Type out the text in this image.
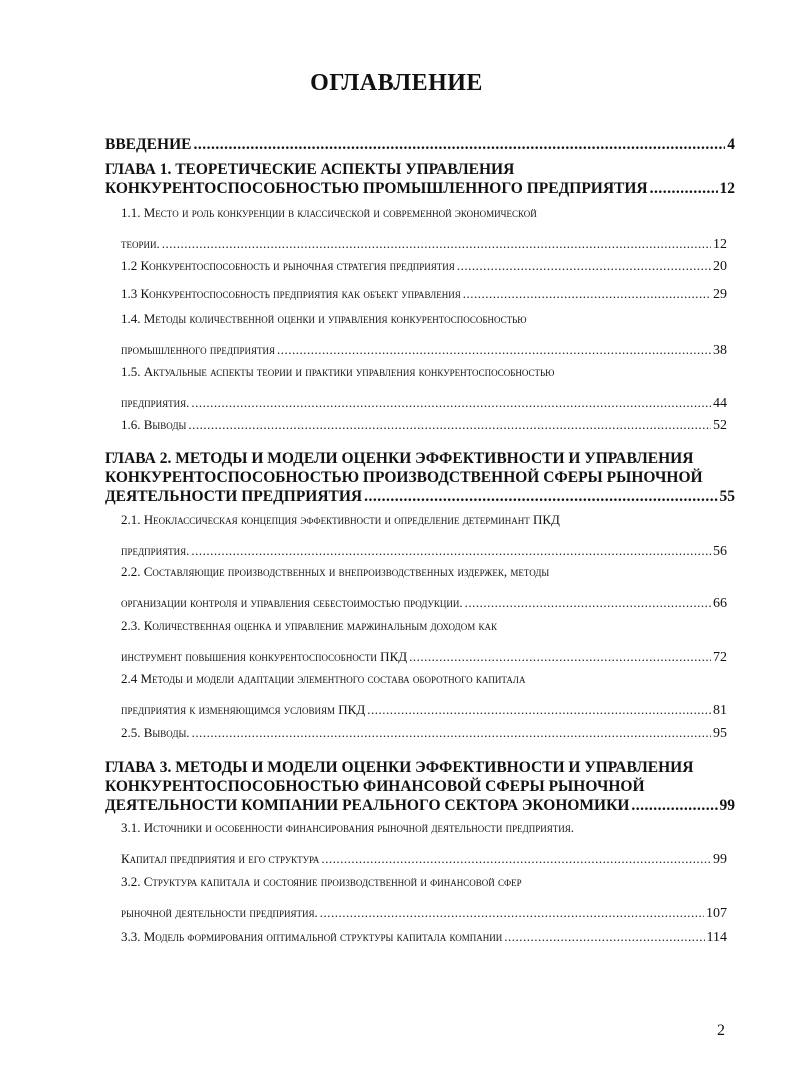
ОГЛАВЛЕНИЕ
ВВЕДЕНИЕ .....	4
ГЛАВА 1. ТЕОРЕТИЧЕСКИЕ АСПЕКТЫ УПРАВЛЕНИЯ
КОНКУРЕНТОСПОСОБНОСТЬЮ ПРОМЫШЛЕННОГО ПРЕДПРИЯТИЯ .....	12
1.1. Место и роль конкуренции в классической и современной экономической
теории. .....	12
1.2 Конкурентоспособность и рыночная стратегия предприятия .....	20
1.3 Конкурентоспособность предприятия как объект управления .....	29
1.4. Методы количественной оценки и управления конкурентоспособностью
промышленного предприятия .....	38
1.5. Актуальные аспекты теории и практики управления конкурентоспособностью
предприятия. .....	44
1.6. Выводы .....	52
ГЛАВА 2. МЕТОДЫ И МОДЕЛИ ОЦЕНКИ ЭФФЕКТИВНОСТИ И УПРАВЛЕНИЯ
КОНКУРЕНТОСПОСОБНОСТЬЮ ПРОИЗВОДСТВЕННОЙ СФЕРЫ РЫНОЧНОЙ
ДЕЯТЕЛЬНОСТИ ПРЕДПРИЯТИЯ .....	55
2.1. Неоклассическая концепция эффективности и определение детерминант ПКД
предприятия. .....	56
2.2. Составляющие производственных и внепроизводственных издержек, методы
организации контроля и управления себестоимостью продукции. .....	66
2.3. Количественная оценка и управление маржинальным доходом как
инструмент повышения конкурентоспособности ПКД .....	72
2.4 Методы и модели адаптации элементного состава оборотного капитала
предприятия к изменяющимся условиям ПКД .....	81
2.5. Выводы. .....	95
ГЛАВА 3. МЕТОДЫ И МОДЕЛИ ОЦЕНКИ ЭФФЕКТИВНОСТИ И УПРАВЛЕНИЯ
КОНКУРЕНТОСПОСОБНОСТЬЮ ФИНАНСОВОЙ СФЕРЫ РЫНОЧНОЙ
ДЕЯТЕЛЬНОСТИ КОМПАНИИ РЕАЛЬНОГО СЕКТОРА ЭКОНОМИКИ .....	99
3.1. Источники и особенности финансирования рыночной деятельности предприятия.
Капитал предприятия и его структура .....	99
3.2. Структура капитала и состояние производственной и финансовой сфер
рыночной деятельности предприятия. .....	107
3.3. Модель формирования оптимальной структуры капитала компании .....	114
2
